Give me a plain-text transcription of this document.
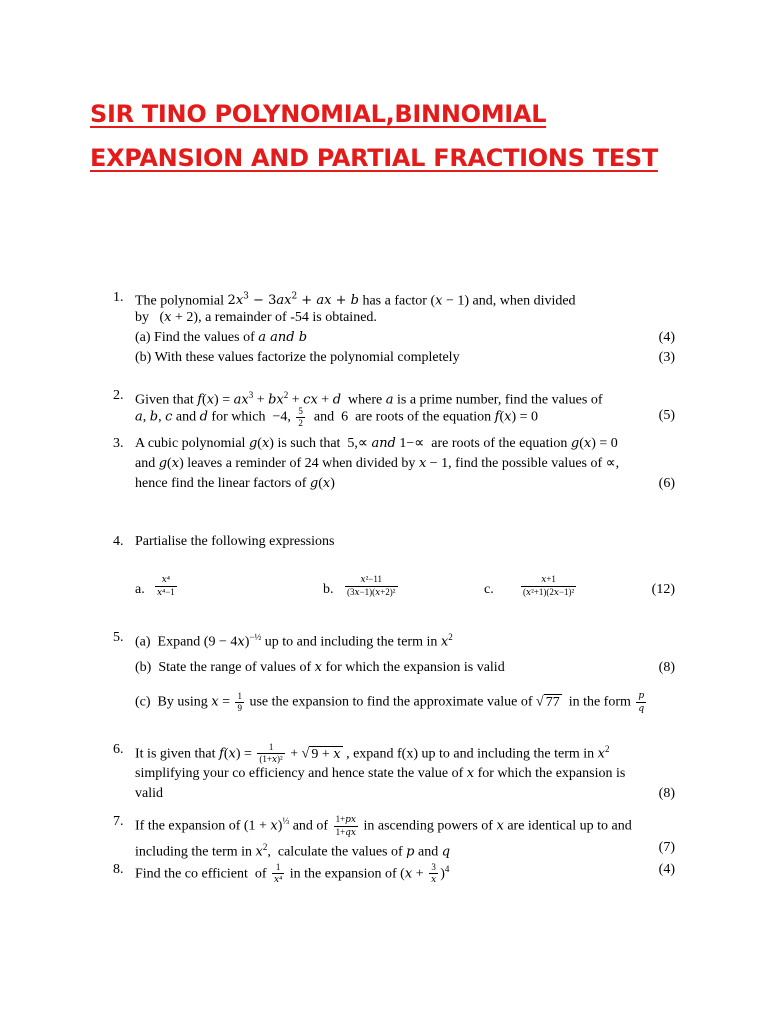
SIR TINO POLYNOMIAL,BINNOMIAL
EXPANSION AND PARTIAL FRACTIONS TEST
1. The polynomial $2x^3 - 3ax^2$ + ax + b has a factor (x − 1) and, when divided
by   (x + 2), a remainder of -54 is obtained.
(a) Find the values of a and b	(4)
(b) With these values factorize the polynomial completely	(3)
2. Given that $f(x) = ax^3 + bx^2$ + cx + d  where a is a prime number, find the values of
a, b, c and d for which  −4, $\frac{5}{2}$ and  6  are roots of the equation f(x) = 0	(5)
3. A cubic polynomial g(x) is such that  5,∝ and 1−∝  are roots of the equation g(x) = 0
and g(x) leaves a reminder of 24 when divided by x − 1, find the possible values of ∝,
hence find the linear factors of g(x)	(6)
4. Partialise the following expressions
a. $\frac{\text{x⁴}}{\text{x⁴−1}}$	b. $\frac{\text{x²−11}}{\text{(3x−1)(x+2)²}}$	c.	$\frac{x+1}{\text{(x²+1)(2x−1)²}}$	(12)
5. (a)  Expand $(9 - 4x)^{-\frac{1}{2}}$ up to and including the term in $x^2$
(b)  State the range of values of x for which the expansion is valid	(8)
(c)  By using $x = \frac{1}{9}$ use the expansion to find the approximate value of √ 77  in the form $\frac{p}{q}$
6. It is given that $f(x) = \frac{1}{\text{(1+x)²}}$ + √ 9 + x , expand f(x) up to and including the term in $x^2$
simplifying your co efficiency and hence state the value of x for which the expansion is
valid	(8)
7. If the expansion of $(1 + x)^{\frac{1}{3}}$ and of $\frac{1+px}{1+qx}$ in ascending powers of x are identical up to and
including the term in $x^2$,  calculate the values of p and q	(7)
8. Find the co efficient  of $\frac{1}{\text{x⁴}}$ in the expansion of $(x + \frac{3}{x} )^4$	(4)
